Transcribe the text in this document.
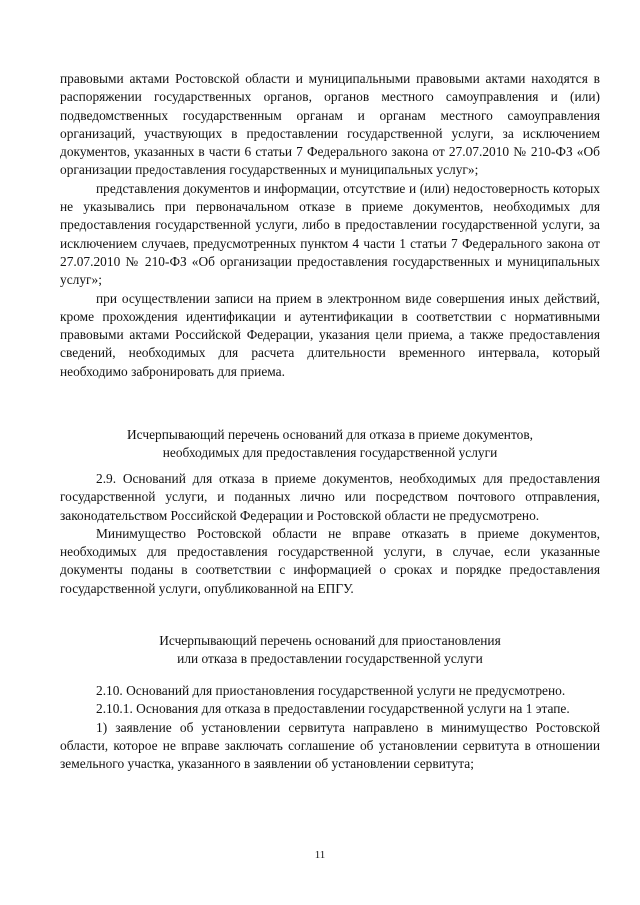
правовыми актами Ростовской области и муниципальными правовыми актами находятся в распоряжении государственных органов, органов местного самоуправления и (или) подведомственных государственным органам и органам местного самоуправления организаций, участвующих в предоставлении государственной услуги, за исключением документов, указанных в части 6 статьи 7 Федерального закона от 27.07.2010 № 210-ФЗ «Об организации предоставления государственных и муниципальных услуг»;

представления документов и информации, отсутствие и (или) недостоверность которых не указывались при первоначальном отказе в приеме документов, необходимых для предоставления государственной услуги, либо в предоставлении государственной услуги, за исключением случаев, предусмотренных пунктом 4 части 1 статьи 7 Федерального закона от 27.07.2010 № 210-ФЗ «Об организации предоставления государственных и муниципальных услуг»;

при осуществлении записи на прием в электронном виде совершения иных действий, кроме прохождения идентификации и аутентификации в соответствии с нормативными правовыми актами Российской Федерации, указания цели приема, а также предоставления сведений, необходимых для расчета длительности временного интервала, который необходимо забронировать для приема.

Исчерпывающий перечень оснований для отказа в приеме документов,
необходимых для предоставления государственной услуги

2.9. Оснований для отказа в приеме документов, необходимых для предоставления государственной услуги, и поданных лично или посредством почтового отправления, законодательством Российской Федерации и Ростовской области не предусмотрено.

Минимущество Ростовской области не вправе отказать в приеме документов, необходимых для предоставления государственной услуги, в случае, если указанные документы поданы в соответствии с информацией о сроках и порядке предоставления государственной услуги, опубликованной на ЕПГУ.

Исчерпывающий перечень оснований для приостановления
или отказа в предоставлении государственной услуги

2.10. Оснований для приостановления государственной услуги не предусмотрено.

2.10.1. Основания для отказа в предоставлении государственной услуги на 1 этапе.

1) заявление об установлении сервитута направлено в минимущество Ростовской области, которое не вправе заключать соглашение об установлении сервитута в отношении земельного участка, указанного в заявлении об установлении сервитута;

11
